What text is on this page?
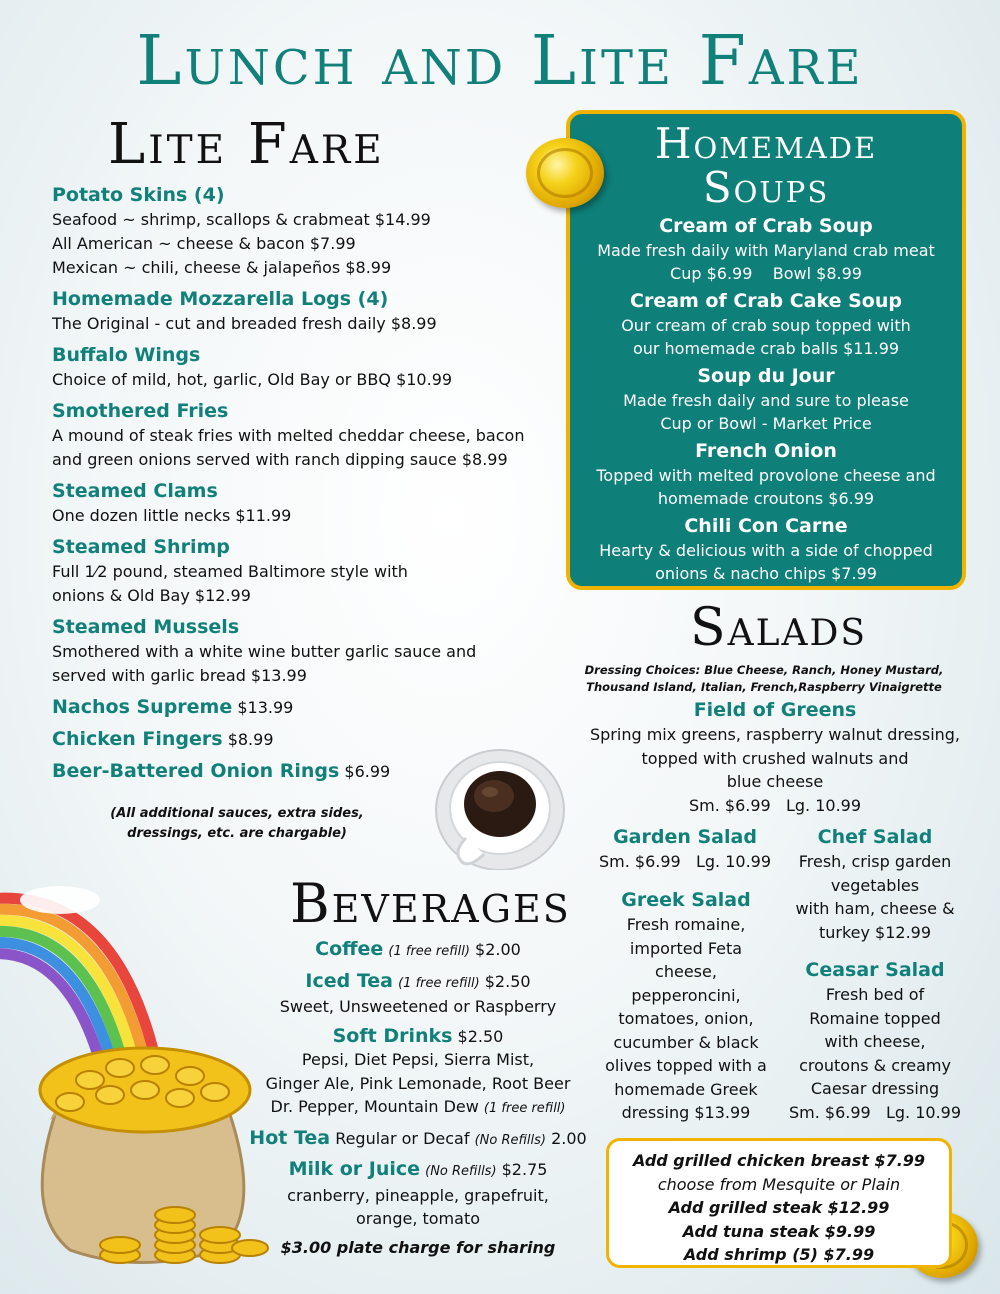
Lunch and Lite Fare
Lite Fare
Potato Skins (4)
Seafood ~ shrimp, scallops & crabmeat $14.99
All American ~ cheese & bacon $7.99
Mexican ~ chili, cheese & jalapeños $8.99
Homemade Mozzarella Logs (4)
The Original - cut and breaded fresh daily $8.99
Buffalo Wings
Choice of mild, hot, garlic, Old Bay or BBQ $10.99
Smothered Fries
A mound of steak fries with melted cheddar cheese, bacon
and green onions served with ranch dipping sauce $8.99
Steamed Clams
One dozen little necks $11.99
Steamed Shrimp
Full 1⁄2 pound, steamed Baltimore style with
onions & Old Bay $12.99
Steamed Mussels
Smothered with a white wine butter garlic sauce and
served with garlic bread $13.99
Nachos Supreme $13.99
Chicken Fingers $8.99
Beer-Battered Onion Rings $6.99
(All additional sauces, extra sides,
dressings, etc. are chargable)
Homemade
Soups
Cream of Crab Soup
Made fresh daily with Maryland crab meat
Cup $6.99    Bowl $8.99
Cream of Crab Cake Soup
Our cream of crab soup topped with
our homemade crab balls $11.99
Soup du Jour
Made fresh daily and sure to please
Cup or Bowl - Market Price
French Onion
Topped with melted provolone cheese and
homemade croutons $6.99
Chili Con Carne
Hearty & delicious with a side of chopped
onions & nacho chips $7.99
Salads
Dressing Choices: Blue Cheese, Ranch, Honey Mustard,
Thousand Island, Italian, French,Raspberry Vinaigrette
Field of Greens
Spring mix greens, raspberry walnut dressing,
topped with crushed walnuts and
blue cheese
Sm. $6.99   Lg. 10.99
Garden Salad
Sm. $6.99   Lg. 10.99
Chef Salad
Fresh, crisp garden
vegetables
with ham, cheese &
turkey $12.99
Greek Salad
Fresh romaine,
imported Feta
cheese,
pepperoncini,
tomatoes, onion,
cucumber & black
olives topped with a
homemade Greek
dressing $13.99
Ceasar Salad
Fresh bed of
Romaine topped
with cheese,
croutons & creamy
Caesar dressing
Sm. $6.99   Lg. 10.99
Add grilled chicken breast $7.99
choose from Mesquite or Plain
Add grilled steak $12.99
Add tuna steak $9.99
Add shrimp (5) $7.99
Beverages
Coffee (1 free refill) $2.00
Iced Tea (1 free refill) $2.50
Sweet, Unsweetened or Raspberry
Soft Drinks $2.50
Pepsi, Diet Pepsi, Sierra Mist,
Ginger Ale, Pink Lemonade, Root Beer
Dr. Pepper, Mountain Dew (1 free refill)
Hot Tea Regular or Decaf (No Refills) 2.00
Milk or Juice (No Refills) $2.75
cranberry, pineapple, grapefruit,
orange, tomato
$3.00 plate charge for sharing
